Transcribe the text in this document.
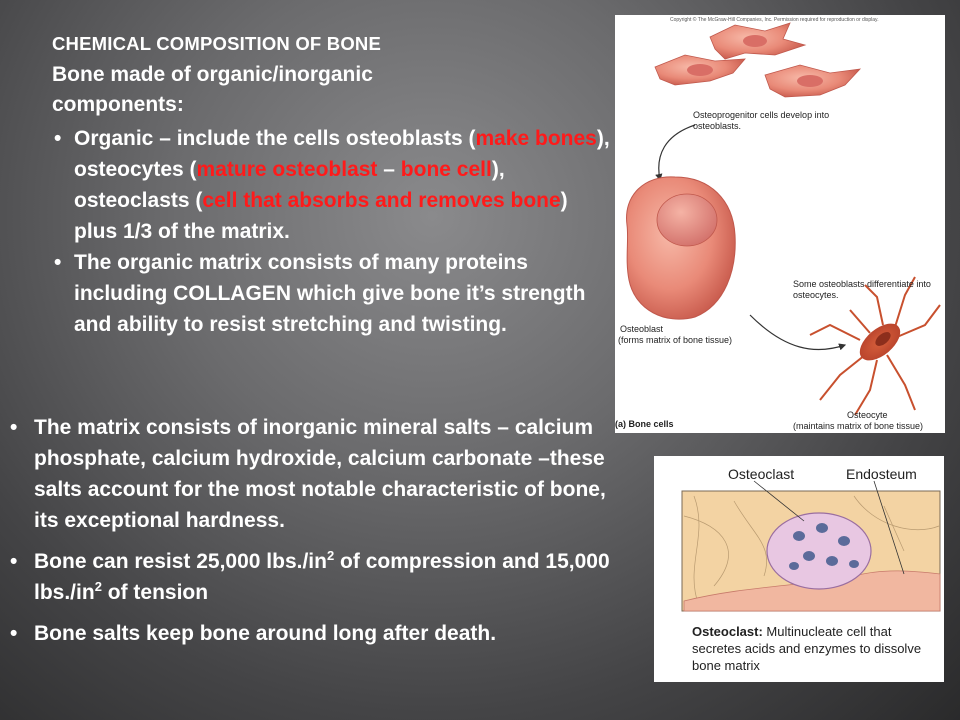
CHEMICAL COMPOSITION OF BONE
Bone made of organic/inorganic
components:
• Organic – include the cells osteoblasts (make bones), osteocytes (mature osteoblast – bone cell), osteoclasts (cell that absorbs and removes bone) plus 1/3 of the matrix.
• The organic matrix consists of many proteins including COLLAGEN which give bone it’s strength and ability to resist stretching and twisting.
• The matrix consists of inorganic mineral salts – calcium phosphate, calcium hydroxide, calcium carbonate –these salts account for the most notable characteristic of bone, its exceptional hardness.
• Bone can resist 25,000 $lbs./in^2$ of compression and 15,000 $lbs./in^2$ of tension
• Bone salts keep bone around long after death.
Copyright © The McGraw-Hill Companies, Inc. Permission required for reproduction or display.
Osteoprogenitor cells develop into osteoblasts.
Some osteoblasts differentiate into osteocytes.
Osteoblast
(forms matrix of bone tissue)
Osteocyte
(maintains matrix of bone tissue)
(a) Bone cells
Osteoclast	Endosteum
Osteoclast: Multinucleate cell that secretes acids and enzymes to dissolve bone matrix
